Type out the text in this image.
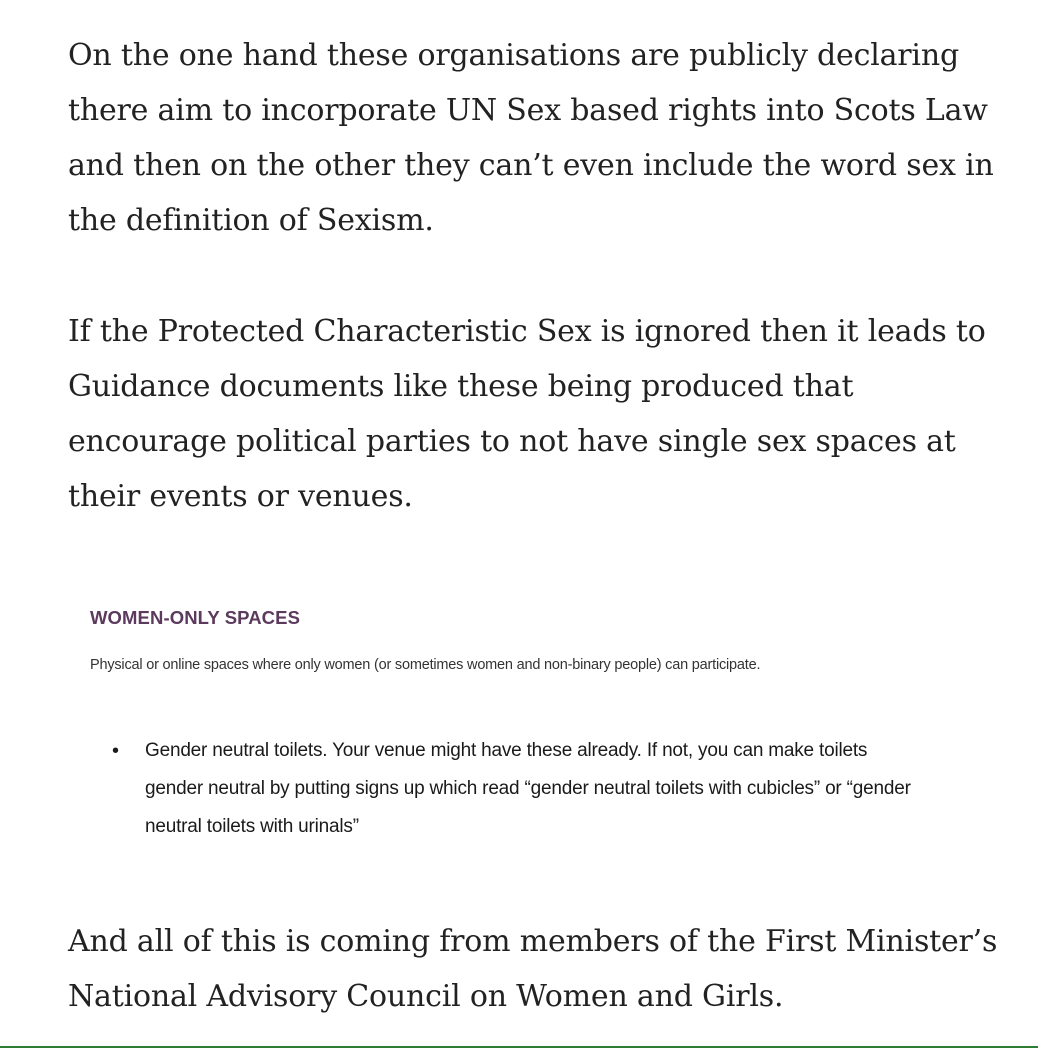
On the one hand these organisations are publicly declaring there aim to incorporate UN Sex based rights into Scots Law and then on the other they can’t even include the word sex in the definition of Sexism.

If the Protected Characteristic Sex is ignored then it leads to Guidance documents like these being produced that encourage political parties to not have single sex spaces at their events or venues.

WOMEN-ONLY SPACES
Physical or online spaces where only women (or sometimes women and non-binary people) can participate.
• Gender neutral toilets. Your venue might have these already. If not, you can make toilets gender neutral by putting signs up which read “gender neutral toilets with cubicles” or “gender neutral toilets with urinals”

And all of this is coming from members of the First Minister’s National Advisory Council on Women and Girls.
